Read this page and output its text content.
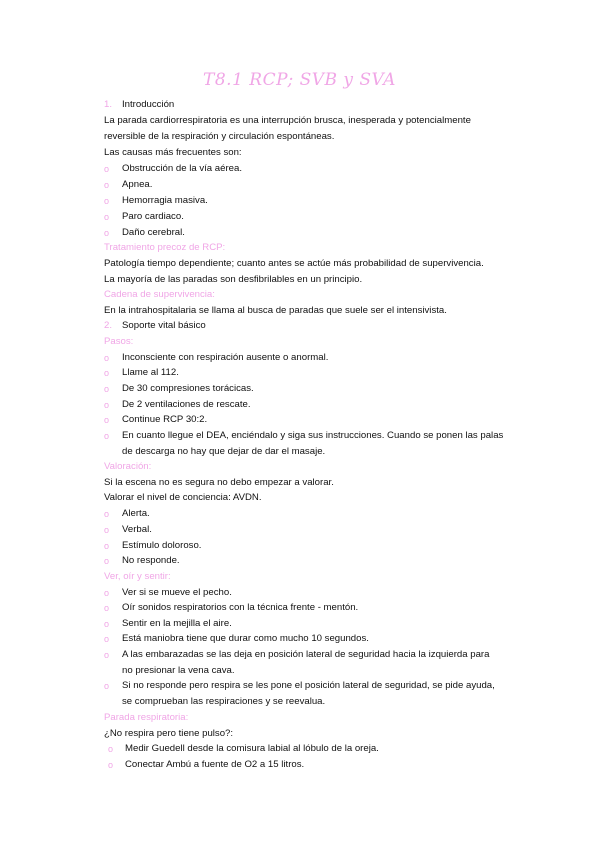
T8.1 RCP; SVB y SVA
1. Introducción
La parada cardiorrespiratoria es una interrupción brusca, inesperada y potencialmente
reversible de la respiración y circulación espontáneas.
Las causas más frecuentes son:
o Obstrucción de la vía aérea.
o Apnea.
o Hemorragia masiva.
o Paro cardiaco.
o Daño cerebral.
Tratamiento precoz de RCP:
Patología tiempo dependiente; cuanto antes se actúe más probabilidad de supervivencia.
La mayoría de las paradas son desfibrilables en un principio.
Cadena de supervivencia:
En la intrahospitalaria se llama al busca de paradas que suele ser el intensivista.
2. Soporte vital básico
Pasos:
o Inconsciente con respiración ausente o anormal.
o Llame al 112.
o De 30 compresiones torácicas.
o De 2 ventilaciones de rescate.
o Continue RCP 30:2.
o En cuanto llegue el DEA, enciéndalo y siga sus instrucciones. Cuando se ponen las palas
de descarga no hay que dejar de dar el masaje.
Valoración:
Si la escena no es segura no debo empezar a valorar.
Valorar el nivel de conciencia: AVDN.
o Alerta.
o Verbal.
o Estímulo doloroso.
o No responde.
Ver, oír y sentir:
o Ver si se mueve el pecho.
o Oír sonidos respiratorios con la técnica frente - mentón.
o Sentir en la mejilla el aire.
o Está maniobra tiene que durar como mucho 10 segundos.
o A las embarazadas se las deja en posición lateral de seguridad hacia la izquierda para
no presionar la vena cava.
o Si no responde pero respira se les pone el posición lateral de seguridad, se pide ayuda,
se comprueban las respiraciones y se reevalua.
Parada respiratoria:
¿No respira pero tiene pulso?:
o Medir Guedell desde la comisura labial al lóbulo de la oreja.
o Conectar Ambú a fuente de O2 a 15 litros.
